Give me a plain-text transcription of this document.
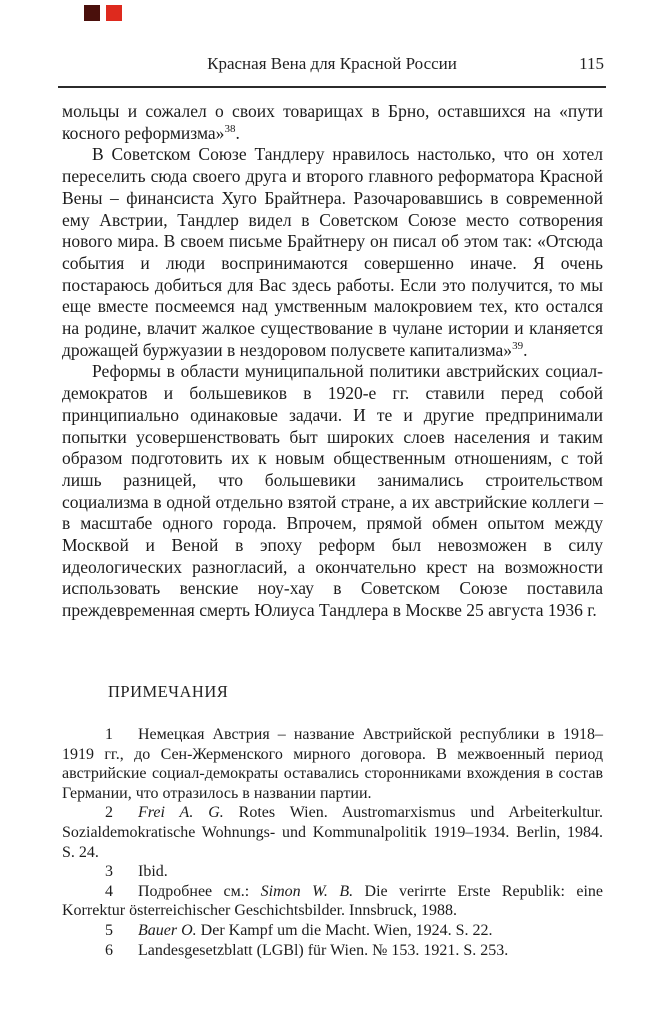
Красная Вена для Красной России	115

мольцы и сожалел о своих товарищах в Брно, оставшихся на «пути косного реформизма»$^{38}$.

В Советском Союзе Тандлеру нравилось настолько, что он хотел переселить сюда своего друга и второго главного реформатора Красной Вены – финансиста Хуго Брайтнера. Разочаровавшись в современной ему Австрии, Тандлер видел в Советском Союзе место сотворения нового мира. В своем письме Брайтнеру он писал об этом так: «Отсюда события и люди воспринимаются совершенно иначе. Я очень постараюсь добиться для Вас здесь работы. Если это получится, то мы еще вместе посмеемся над умственным малокровием тех, кто остался на родине, влачит жалкое существование в чулане истории и кланяется дрожащей буржуазии в нездоровом полусвете капитализма»$^{39}$.

Реформы в области муниципальной политики австрийских социал-демократов и большевиков в 1920-е гг. ставили перед собой принципиально одинаковые задачи. И те и другие предпринимали попытки усовершенствовать быт широких слоев населения и таким образом подготовить их к новым общественным отношениям, с той лишь разницей, что большевики занимались строительством социализма в одной отдельно взятой стране, а их австрийские коллеги – в масштабе одного города. Впрочем, прямой обмен опытом между Москвой и Веной в эпоху реформ был невозможен в силу идеологических разногласий, а окончательно крест на возможности использовать венские ноу-хау в Советском Союзе поставила преждевременная смерть Юлиуса Тандлера в Москве 25 августа 1936 г.

ПРИМЕЧАНИЯ

1 Немецкая Австрия – название Австрийской республики в 1918–1919 гг., до Сен-Жерменского мирного договора. В межвоенный период австрийские социал-демократы оставались сторонниками вхождения в состав Германии, что отразилось в названии партии.

2 Frei A. G. Rotes Wien. Austromarxismus und Arbeiterkultur. Sozialdemokratische Wohnungs- und Kommunalpolitik 1919–1934. Berlin, 1984. S. 24.

3 Ibid.

4 Подробнее см.: Simon W. B. Die verirrte Erste Republik: eine Korrektur österreichischer Geschichtsbilder. Innsbruck, 1988.

5 Bauer O. Der Kampf um die Macht. Wien, 1924. S. 22.

6 Landesgesetzblatt (LGBl) für Wien. № 153. 1921. S. 253.
